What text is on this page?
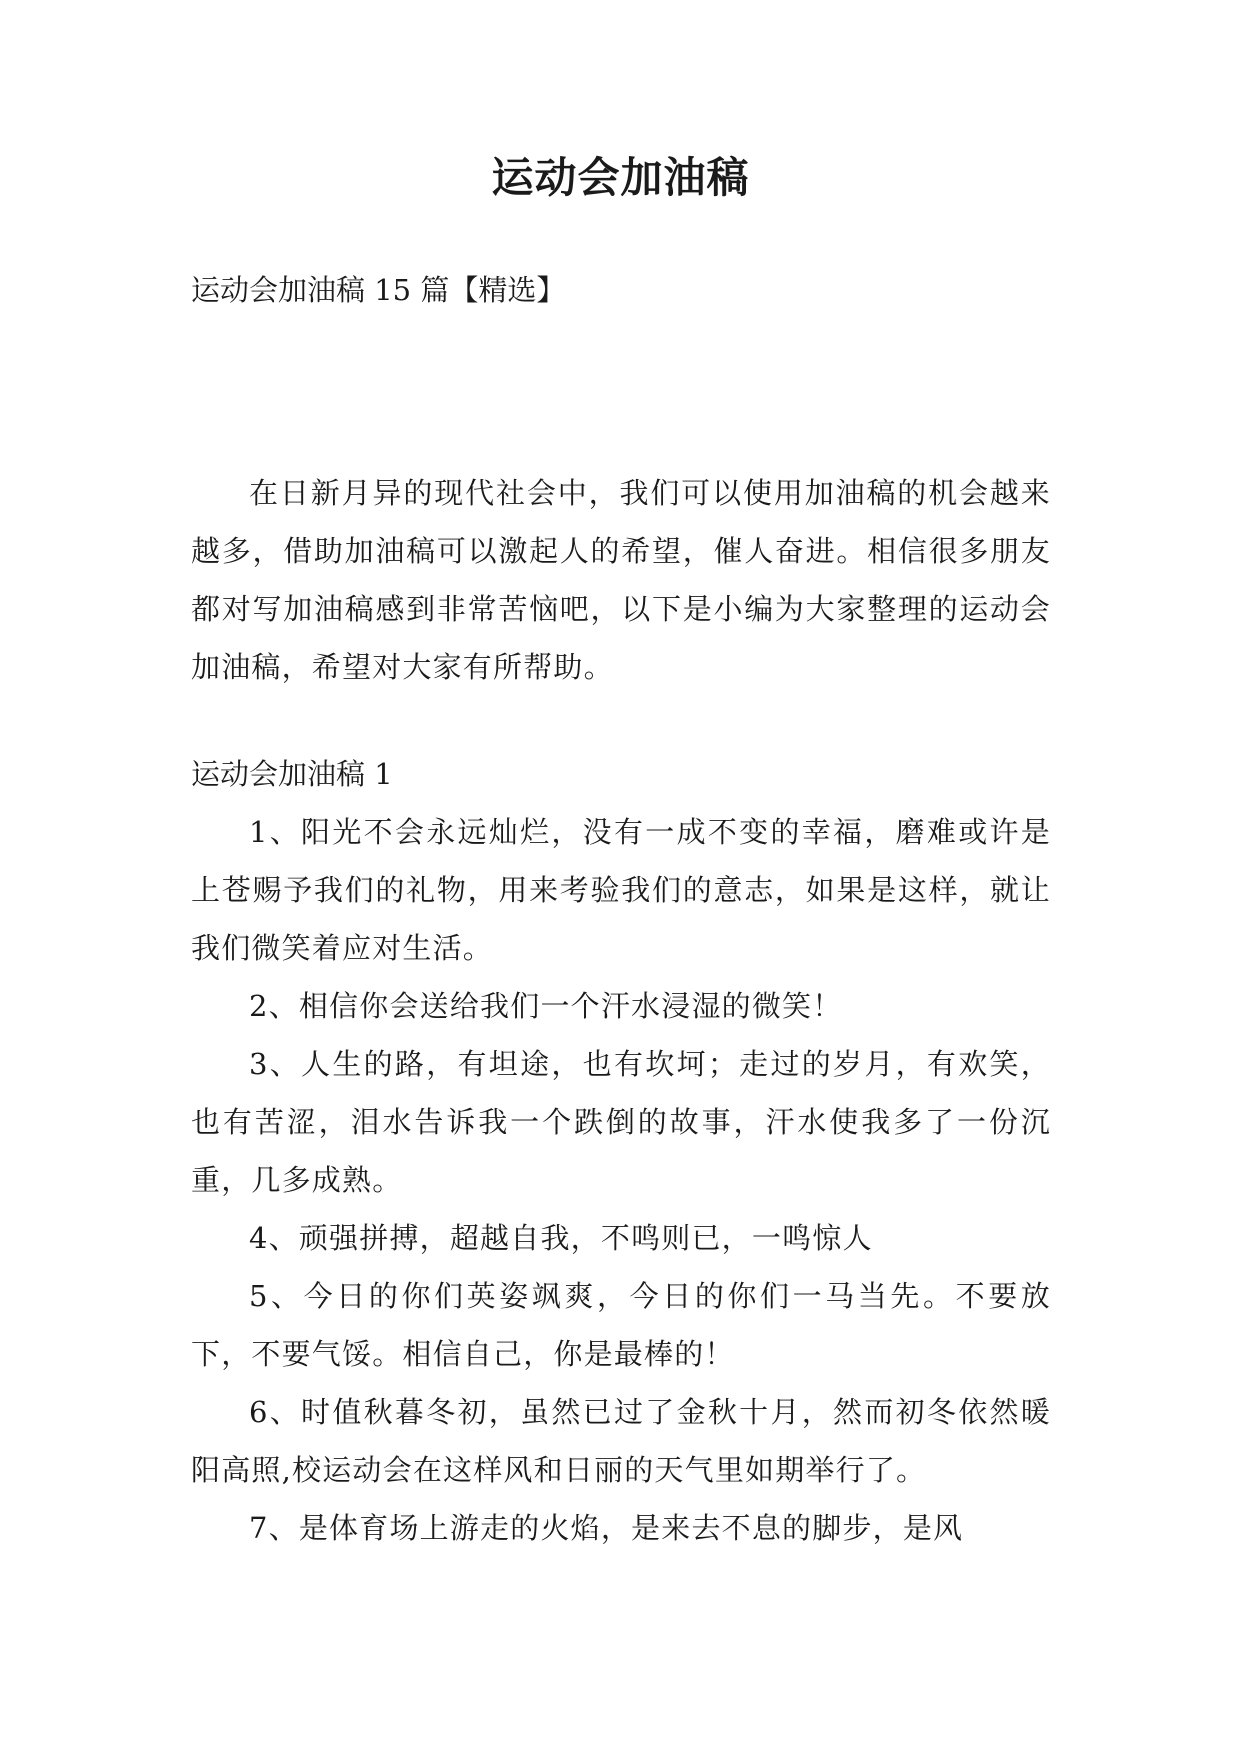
运动会加油稿

运动会加油稿 15 篇【精选】

在日新月异的现代社会中，我们可以使用加油稿的机会越来越多，借助加油稿可以激起人的希望，催人奋进。相信很多朋友都对写加油稿感到非常苦恼吧，以下是小编为大家整理的运动会加油稿，希望对大家有所帮助。

运动会加油稿 1

1、阳光不会永远灿烂，没有一成不变的幸福，磨难或许是上苍赐予我们的礼物，用来考验我们的意志，如果是这样，就让我们微笑着应对生活。
2、相信你会送给我们一个汗水浸湿的微笑！
3、人生的路，有坦途，也有坎坷；走过的岁月，有欢笑，也有苦涩，泪水告诉我一个跌倒的故事，汗水使我多了一份沉重，几多成熟。
4、顽强拼搏，超越自我，不鸣则已，一鸣惊人
5、今日的你们英姿飒爽，今日的你们一马当先。不要放下，不要气馁。相信自己，你是最棒的！
6、时值秋暮冬初，虽然已过了金秋十月，然而初冬依然暖阳高照,校运动会在这样风和日丽的天气里如期举行了。
7、是体育场上游走的火焰，是来去不息的脚步，是风
